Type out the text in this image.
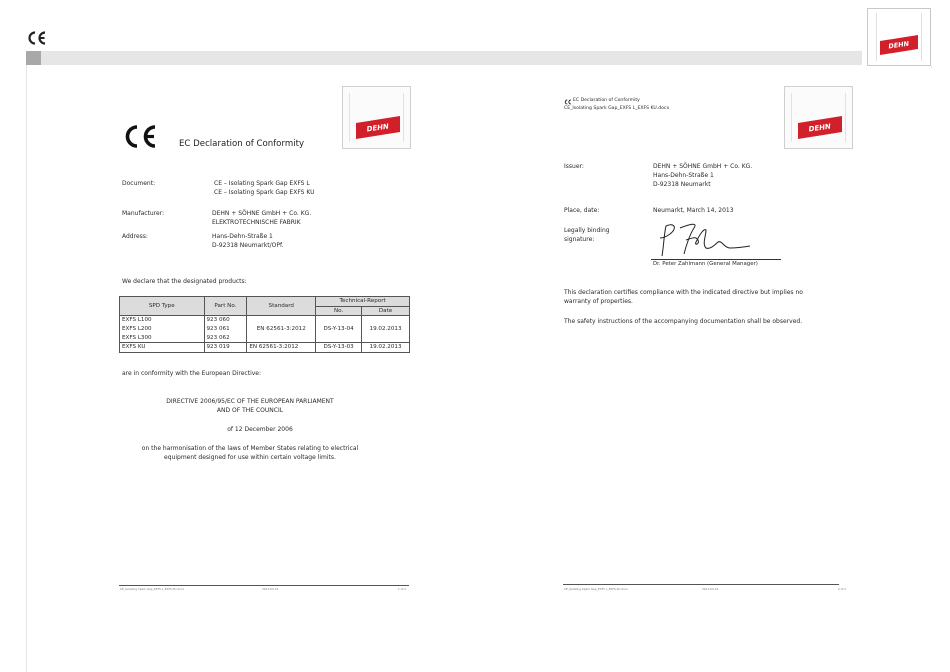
DEHN
DEHN
EC Declaration of Conformity
Document:	CE – Isolating Spark Gap EXFS L
CE – Isolating Spark Gap EXFS KU
Manufacturer:	DEHN + SÖHNE GmbH + Co. KG.
ELEKTROTECHNISCHE FABRIK
Address:	Hans-Dehn-Straße 1
D-92318 Neumarkt/OPf.
We declare that the designated products:
SPD Type	Part No.	Standard	Technical-Report	
			No.	Date
EXFS L100	923 060	EN 62561-3:2012	DS-Y-13-04	19.02.2013
EXFS L200	923 061			
EXFS L300	923 062			
EXFS KU	923 019	EN 62561-3:2012	DS-Y-13-03	19.02.2013
are in conformity with the European Directive:
DIRECTIVE 2006/95/EC OF THE EUROPEAN PARLIAMENT
AND OF THE COUNCIL
of 12 December 2006
on the harmonisation of the laws of Member States relating to electrical
equipment designed for use within certain voltage limits.
CE_Isolating Spark Gap_EXFS L_EXFS KU.docx	2013-03-14	1 of 2
DEHN
EC Declaration of Conformity
CE_Isolating Spark Gap_EXFS L_EXFS KU.docx
Issuer:	DEHN + SÖHNE GmbH + Co. KG.
Hans-Dehn-Straße 1
D-92318 Neumarkt
Place, date:	Neumarkt, March 14, 2013
Legally binding
signature:
Dr. Peter Zahlmann (General Manager)
This declaration certifies compliance with the indicated directive but implies no
warranty of properties.
The safety instructions of the accompanying documentation shall be observed.
CE_Isolating Spark Gap_EXFS L_EXFS KU.docx	2013-03-14	2 of 2
